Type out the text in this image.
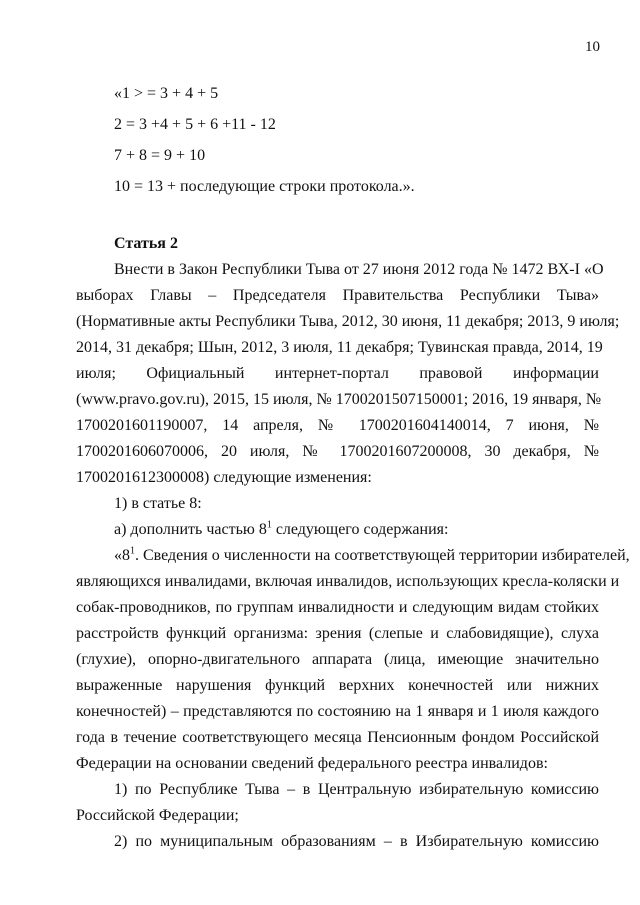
10
«1 > = 3 + 4 + 5
2 = 3 +4 + 5 + 6 +11 - 12
7 + 8 = 9 + 10
10 = 13 + последующие строки протокола.».
Статья 2
Внести в Закон Республики Тыва от 27 июня 2012 года № 1472 ВХ-I «О
выборах Главы – Председателя Правительства Республики Тыва»
(Нормативные акты Республики Тыва, 2012, 30 июня, 11 декабря; 2013, 9 июля;
2014, 31 декабря; Шын, 2012, 3 июля, 11 декабря; Тувинская правда, 2014, 19
июля; Официальный интернет-портал правовой информации
(www.pravo.gov.ru), 2015, 15 июля, № 1700201507150001; 2016, 19 января, №
1700201601190007, 14 апреля, № 1700201604140014, 7 июня, №
1700201606070006, 20 июля, № 1700201607200008, 30 декабря, №
1700201612300008) следующие изменения:
1) в статье 8:
а) дополнить частью $8^1$ следующего содержания:
«$8^1$. Сведения о численности на соответствующей территории избирателей,
являющихся инвалидами, включая инвалидов, использующих кресла-коляски и
собак-проводников, по группам инвалидности и следующим видам стойких
расстройств функций организма: зрения (слепые и слабовидящие), слуха
(глухие), опорно-двигательного аппарата (лица, имеющие значительно
выраженные нарушения функций верхних конечностей или нижних
конечностей) – представляются по состоянию на 1 января и 1 июля каждого
года в течение соответствующего месяца Пенсионным фондом Российской
Федерации на основании сведений федерального реестра инвалидов:
1) по Республике Тыва – в Центральную избирательную комиссию
Российской Федерации;
2) по муниципальным образованиям – в Избирательную комиссию
